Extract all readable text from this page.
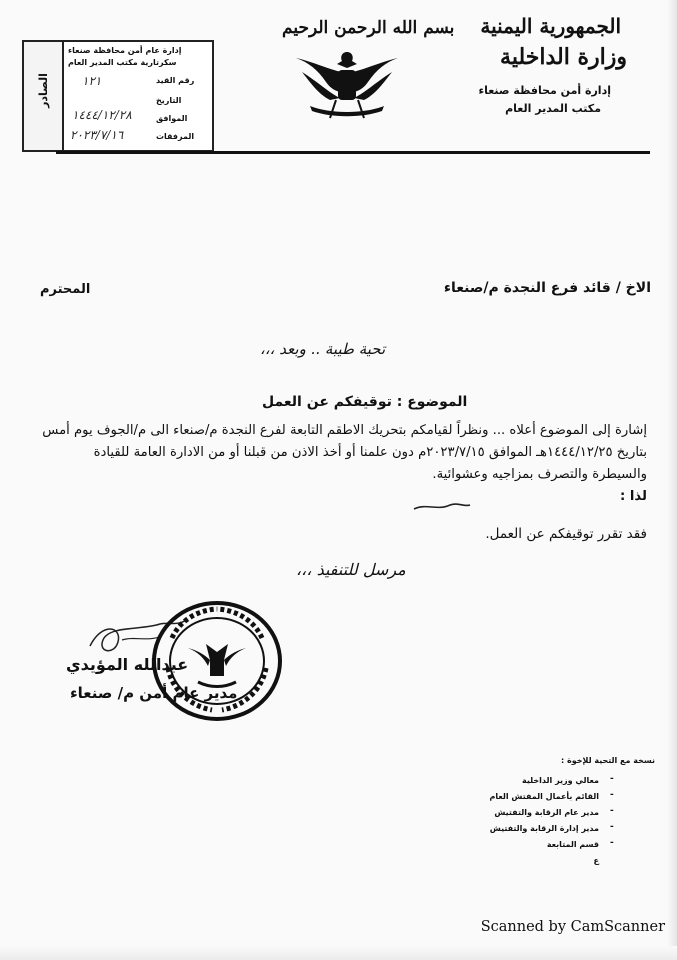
الجمهورية اليمنية
وزارة الداخلية
إدارة أمن محافظة صنعاء
مكتب المدير العام
بسم الله الرحمن الرحيم
الصادر
إدارة عام أمن محافظة صنعاء
سكرتارية مكتب المدير العام
رقم القيد
التاريخ
الموافق
المرفقات
١٢١
١٤٤٤/١٢/٢٨
٢٠٢٣/٧/١٦
الاخ / قائد فرع النجدة م/صنعاء
المحترم
تحية طيبة .. وبعد ،،،
الموضوع : توقيفكم عن العمل

إشارة إلى الموضوع أعلاه ... ونظراً لقيامكم بتحريك الاطقم التابعة لفرع النجدة م/صنعاء الى م/الجوف يوم أمس

بتاريخ ١٤٤٤/١٢/٢٥هـ الموافق ٢٠٢٣/٧/١٥م دون علمنا أو أخذ الاذن من قبلنا أو من الادارة العامة للقيادة

والسيطرة والتصرف بمزاجيه وعشوائية.

لذا :

فقد تقرر توقيفكم عن العمل.
مرسل للتنفيذ ،،،
عبدالله المؤيدي
مدير عام أمن م/ صنعاء
نسخة مع التحية للإخوة :
معالي وزير الداخلية
القائم بأعمال المفتش العام
مدير عام الرقابة والتفتيش
مدير إدارة الرقابة والتفتيش
قسم المتابعة
ع
-
-
-
-
-
Scanned by CamScanner
